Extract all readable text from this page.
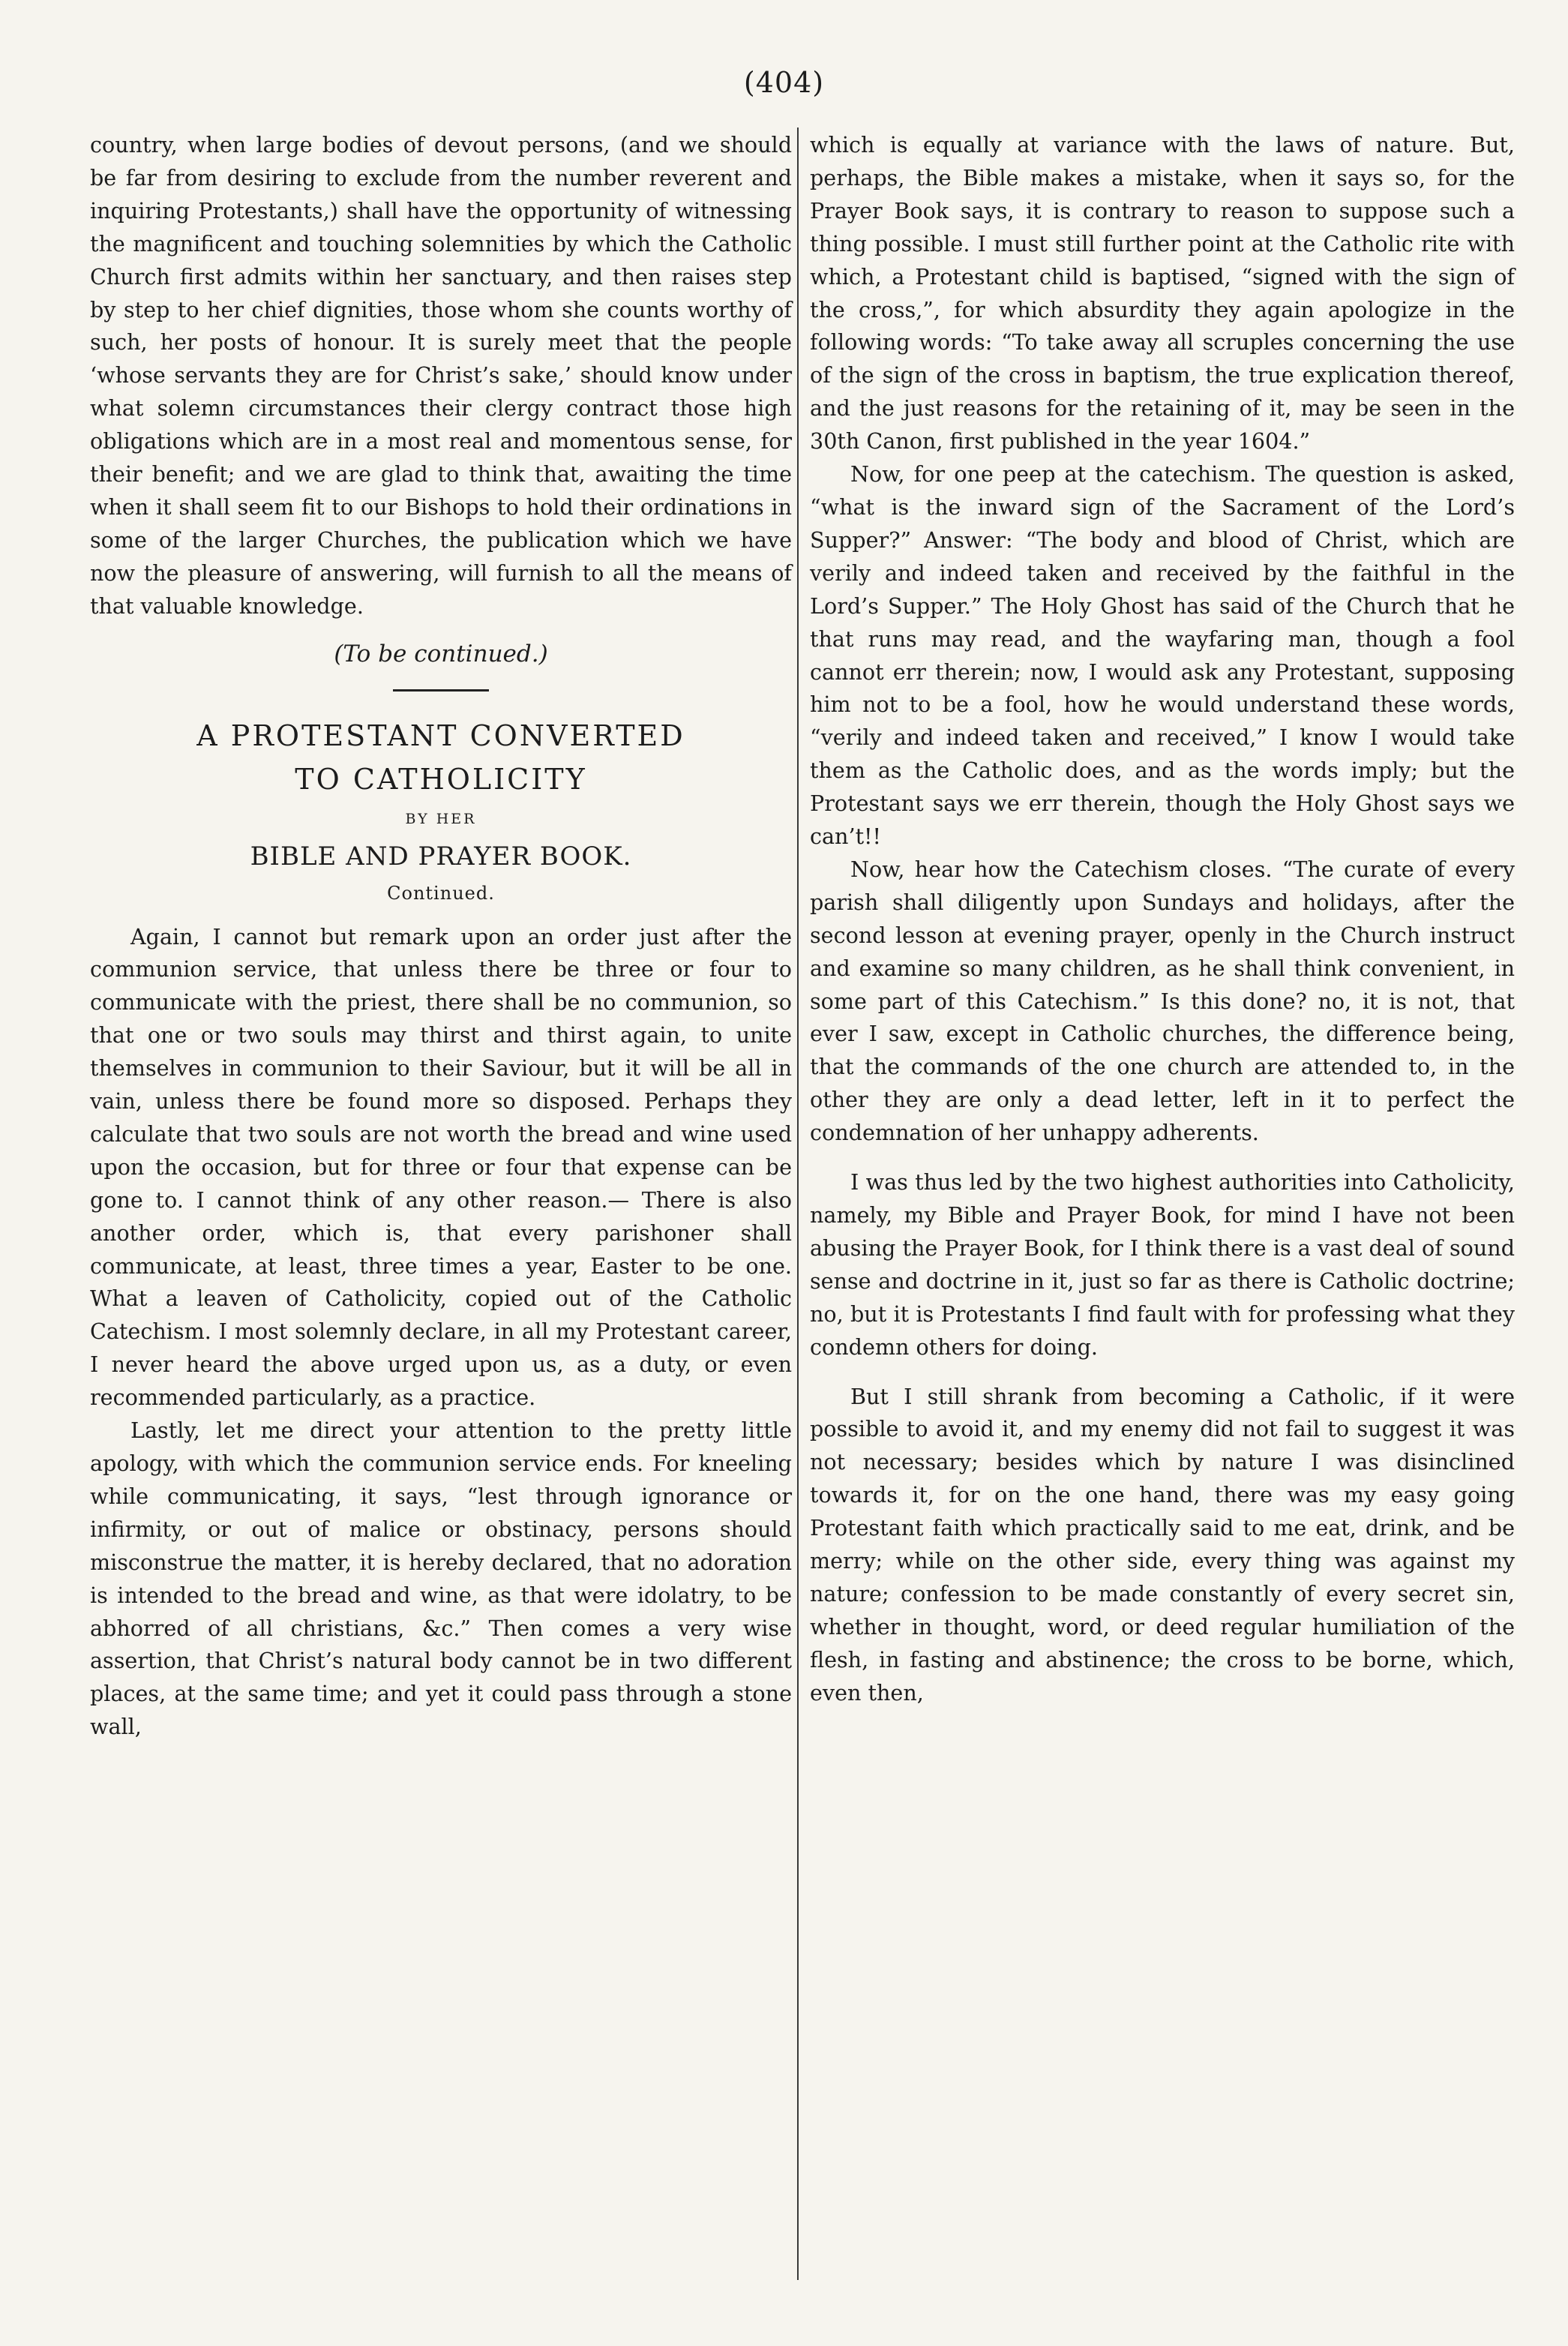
(404)

country, when large bodies of devout persons, (and we should be far from desiring to exclude from the number reverent and inquiring Protestants,) shall have the opportunity of witnessing the magnificent and touching solemnities by which the Catholic Church first admits within her sanctuary, and then raises step by step to her chief dignities, those whom she counts worthy of such, her posts of honour. It is surely meet that the people ‘whose servants they are for Christ’s sake,’ should know under what solemn circumstances their clergy contract those high obligations which are in a most real and momentous sense, for their benefit; and we are glad to think that, awaiting the time when it shall seem fit to our Bishops to hold their ordinations in some of the larger Churches, the publication which we have now the pleasure of answering, will furnish to all the means of that valuable knowledge.

(To be continued.)

A PROTESTANT CONVERTED

TO CATHOLICITY

BY HER

BIBLE AND PRAYER BOOK.

Continued.

Again, I cannot but remark upon an order just after the communion service, that unless there be three or four to communicate with the priest, there shall be no communion, so that one or two souls may thirst and thirst again, to unite themselves in communion to their Saviour, but it will be all in vain, unless there be found more so disposed. Perhaps they calculate that two souls are not worth the bread and wine used upon the occasion, but for three or four that expense can be gone to. I cannot think of any other reason.— There is also another order, which is, that every parishoner shall communicate, at least, three times a year, Easter to be one. What a leaven of Catholicity, copied out of the Catholic Catechism. I most solemnly declare, in all my Protestant career, I never heard the above urged upon us, as a duty, or even recommended particularly, as a practice.

Lastly, let me direct your attention to the pretty little apology, with which the communion service ends. For kneeling while communicating, it says, “lest through ignorance or infirmity, or out of malice or obstinacy, persons should misconstrue the matter, it is hereby declared, that no adoration is intended to the bread and wine, as that were idolatry, to be abhorred of all christians, &c.” Then comes a very wise assertion, that Christ’s natural body cannot be in two different places, at the same time; and yet it could pass through a stone wall,

which is equally at variance with the laws of nature. But, perhaps, the Bible makes a mistake, when it says so, for the Prayer Book says, it is contrary to reason to suppose such a thing possible. I must still further point at the Catholic rite with which, a Protestant child is baptised, “signed with the sign of the cross,”, for which absurdity they again apologize in the following words: “To take away all scruples concerning the use of the sign of the cross in baptism, the true explication thereof, and the just reasons for the retaining of it, may be seen in the 30th Canon, first published in the year 1604.”

Now, for one peep at the catechism. The question is asked, “what is the inward sign of the Sacrament of the Lord’s Supper?” Answer: “The body and blood of Christ, which are verily and indeed taken and received by the faithful in the Lord’s Supper.” The Holy Ghost has said of the Church that he that runs may read, and the wayfaring man, though a fool cannot err therein; now, I would ask any Protestant, supposing him not to be a fool, how he would understand these words, “verily and indeed taken and received,” I know I would take them as the Catholic does, and as the words imply; but the Protestant says we err therein, though the Holy Ghost says we can’t!!

Now, hear how the Catechism closes. “The curate of every parish shall diligently upon Sundays and holidays, after the second lesson at evening prayer, openly in the Church instruct and examine so many children, as he shall think convenient, in some part of this Catechism.” Is this done? no, it is not, that ever I saw, except in Catholic churches, the difference being, that the commands of the one church are attended to, in the other they are only a dead letter, left in it to perfect the condemnation of her unhappy adherents.

I was thus led by the two highest authorities into Catholicity, namely, my Bible and Prayer Book, for mind I have not been abusing the Prayer Book, for I think there is a vast deal of sound sense and doctrine in it, just so far as there is Catholic doctrine; no, but it is Protestants I find fault with for professing what they condemn others for doing.

But I still shrank from becoming a Catholic, if it were possible to avoid it, and my enemy did not fail to suggest it was not necessary; besides which by nature I was disinclined towards it, for on the one hand, there was my easy going Protestant faith which practically said to me eat, drink, and be merry; while on the other side, every thing was against my nature; confession to be made constantly of every secret sin, whether in thought, word, or deed regular humiliation of the flesh, in fasting and abstinence; the cross to be borne, which, even then,
